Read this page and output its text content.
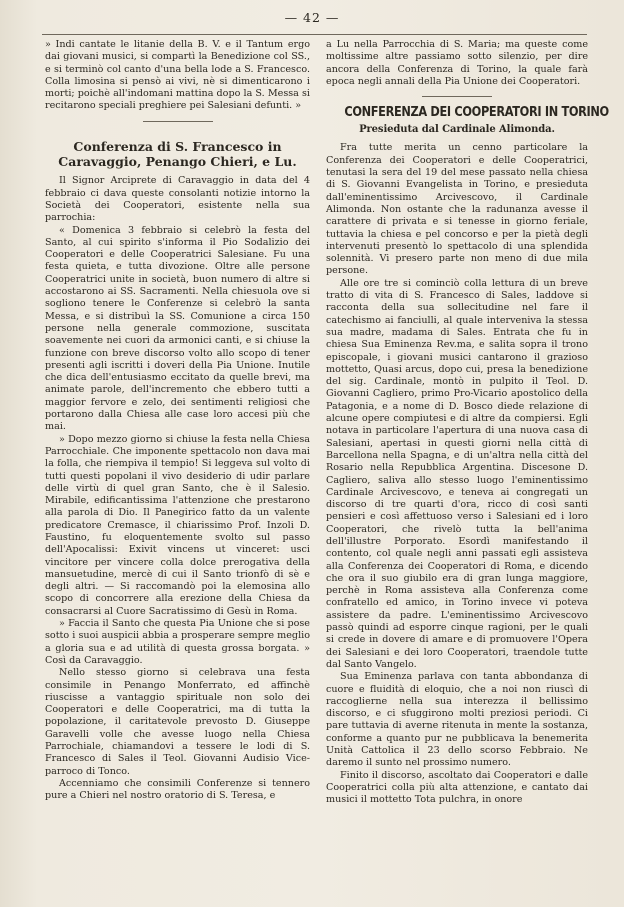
— 42 —

» Indi cantate le litanie della B. V. e il Tantum ergo dai giovani musici, si compartì la Benedizione col SS., e si terminò col canto d'una bella lode a S. Francesco. Colla limosina si pensò ai vivi, nè si dimenticarono i morti; poichè all'indomani mattina dopo la S. Messa si recitarono speciali preghiere pei Salesiani defunti. »

Conferenza di S. Francesco in Caravaggio, Penango Chieri, e Lu.

Il Signor Arciprete di Caravaggio in data del 4 febbraio ci dava queste consolanti notizie intorno la Società dei Cooperatori, esistente nella sua parrochia:

« Domenica 3 febbraio si celebrò la festa del Santo, al cui spirito s'informa il Pio Sodalizio dei Cooperatori e delle Cooperatrici Salesiane. Fu una festa quieta, e tutta divozione. Oltre alle persone Cooperatrici unite in società, buon numero di altre si accostarono ai SS. Sacramenti. Nella chiesuola ove si sogliono tenere le Conferenze si celebrò la santa Messa, e si distribuì la SS. Comunione a circa 150 persone nella generale commozione, suscitata soavemente nei cuori da armonici canti, e si chiuse la funzione con breve discorso volto allo scopo di tener presenti agli iscritti i doveri della Pia Unione. Inutile che dica dell'entusiasmo eccitato da quelle brevi, ma animate parole, dell'incremento che ebbero tutti a maggior fervore e zelo, dei sentimenti religiosi che portarono dalla Chiesa alle case loro accesi più che mai.

» Dopo mezzo giorno si chiuse la festa nella Chiesa Parrocchiale. Che imponente spettacolo non dava mai la folla, che riempiva il tempio! Si leggeva sul volto di tutti questi popolani il vivo desiderio di udir parlare delle virtù di quel gran Santo, che è il Salesio. Mirabile, edificantissima l'attenzione che prestarono alla parola di Dio. Il Panegirico fatto da un valente predicatore Cremasce, il chiarissimo Prof. Inzoli D. Faustino, fu eloquentemente svolto sul passo dell'Apocalissi: Exivit vincens ut vinceret: usci vincitore per vincere colla dolce prerogativa della mansuetudine, mercè di cui il Santo trionfò di sè e degli altri. — Si raccomandò poi la elemosina allo scopo di concorrere alla erezione della Chiesa da consacrarsi al Cuore Sacratissimo di Gesù in Roma.

» Faccia il Santo che questa Pia Unione che si pose sotto i suoi auspicii abbia a prosperare sempre meglio a gloria sua e ad utilità di questa grossa borgata. » Così da Caravaggio.

Nello stesso giorno si celebrava una festa consimile in Penango Monferrato, ed affinchè riuscisse a vantaggio spirituale non solo dei Cooperatori e delle Cooperatrici, ma di tutta la popolazione, il caritatevole prevosto D. Giuseppe Garavelli volle che avesse luogo nella Chiesa Parrochiale, chiamandovi a tessere le lodi di S. Francesco di Sales il Teol. Giovanni Audisio Vice-parroco di Tonco.

Accenniamo che consimili Conferenze si tennero pure a Chieri nel nostro oratorio di S. Teresa, e

a Lu nella Parrocchia di S. Maria; ma queste come moltissime altre passiamo sotto silenzio, per dire ancora della Conferenza di Torino, la quale farà epoca negli annali della Pia Unione dei Cooperatori.

CONFERENZA DEI COOPERATORI IN TORINO
Presieduta dal Cardinale Alimonda.

Fra tutte merita un cenno particolare la Conferenza dei Cooperatori e delle Cooperatrici, tenutasi la sera del 19 del mese passato nella chiesa di S. Giovanni Evangelista in Torino, e presieduta dall'eminentissimo Arcivescovo, il Cardinale Alimonda. Non ostante che la radunanza avesse il carattere di privata e si tenesse in giorno feriale, tuttavia la chiesa e pel concorso e per la pietà degli intervenuti presentò lo spettacolo di una splendida solennità. Vi presero parte non meno di due mila persone.

Alle ore tre si cominciò colla lettura di un breve tratto di vita di S. Francesco di Sales, laddove si racconta della sua sollecitudine nel fare il catechismo ai fanciulli, al quale interveniva la stessa sua madre, madama di Sales. Entrata che fu in chiesa Sua Eminenza Rev.ma, e salita sopra il trono episcopale, i giovani musici cantarono il grazioso mottetto, Quasi arcus, dopo cui, presa la benedizione del sig. Cardinale, montò in pulpito il Teol. D. Giovanni Cagliero, primo Pro-Vicario apostolico della Patagonia, e a nome di D. Bosco diede relazione di alcune opere compiutesi e di altre da compiersi. Egli notava in particolare l'apertura di una nuova casa di Salesiani, apertasi in questi giorni nella città di Barcellona nella Spagna, e di un'altra nella città del Rosario nella Repubblica Argentina. Discesone D. Cagliero, saliva allo stesso luogo l'eminentissimo Cardinale Arcivescovo, e teneva ai congregati un discorso di tre quarti d'ora, ricco di così santi pensieri e così affettuoso verso i Salesiani ed i loro Cooperatori, che rivelò tutta la bell'anima dell'illustre Porporato. Esordì manifestando il contento, col quale negli anni passati egli assisteva alla Conferenza dei Cooperatori di Roma, e dicendo che ora il suo giubilo era di gran lunga maggiore, perchè in Roma assisteva alla Conferenza come confratello ed amico, in Torino invece vi poteva assistere da padre. L'eminentissimo Arcivescovo passò quindi ad esporre cinque ragioni, per le quali si crede in dovere di amare e di promuovere l'Opera dei Salesiani e dei loro Cooperatori, traendole tutte dal Santo Vangelo.

Sua Eminenza parlava con tanta abbondanza di cuore e fluidità di eloquio, che a noi non riuscì di raccoglierne nella sua interezza il bellissimo discorso, e ci sfuggirono molti preziosi periodi. Ci pare tuttavia di averne ritenuta in mente la sostanza, conforme a quanto pur ne pubblicava la benemerita Unità Cattolica il 23 dello scorso Febbraio. Ne daremo il sunto nel prossimo numero.

Finito il discorso, ascoltato dai Cooperatori e dalle Cooperatrici colla più alta attenzione, e cantato dai musici il mottetto Tota pulchra, in onore
